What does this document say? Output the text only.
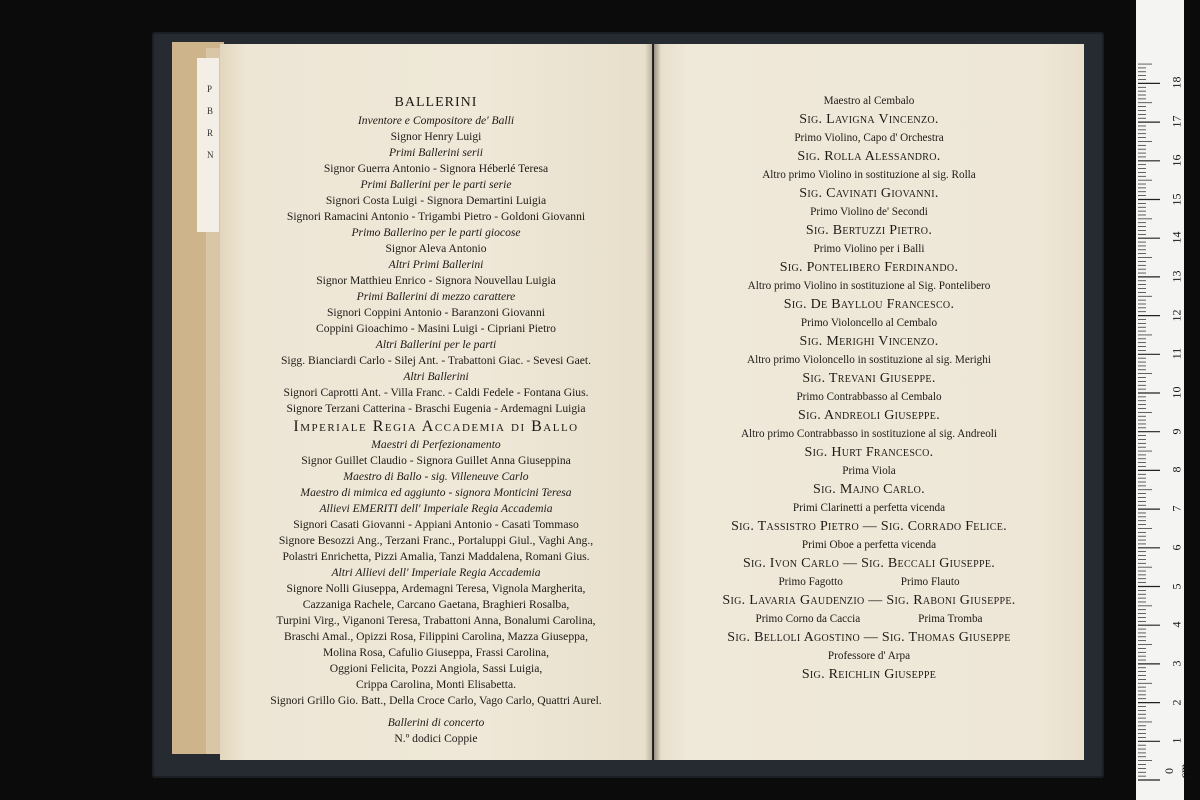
P
B
R
N
BALLERINI
Inventore e Compositore de' Balli
Signor Henry Luigi
Primi Ballerini serii
Signor Guerra Antonio - Signora Héberlé Teresa
Primi Ballerini per le parti serie
Signori Costa Luigi - Signora Demartini Luigia
Signori Ramacini Antonio - Trigambi Pietro - Goldoni Giovanni
Primo Ballerino per le parti giocose
Signor Aleva Antonio
Altri Primi Ballerini
Signor Matthieu Enrico - Signora Nouvellau Luigia
Primi Ballerini di mezzo carattere
Signori Coppini Antonio - Baranzoni Giovanni
Coppini Gioachimo - Masini Luigi - Cipriani Pietro
Altri Ballerini per le parti
Sigg. Bianciardi Carlo - Silej Ant. - Trabattoni Giac. - Sevesi Gaet.
Altri Ballerini
Signori Caprotti Ant. - Villa Franc. - Caldi Fedele - Fontana Gius.
Signore Terzani Catterina - Braschi Eugenia - Ardemagni Luigia
Imperiale Regia Accademia di Ballo
Maestri di Perfezionamento
Signor Guillet Claudio - Signora Guillet Anna Giuseppina
Maestro di Ballo - sig. Villeneuve Carlo
Maestro di mimica ed aggiunto - signora Monticini Teresa
Allievi EMERITI dell' Imperiale Regia Accademia
Signori Casati Giovanni - Appiani Antonio - Casati Tommaso
Signore Besozzi Ang., Terzani Franc., Portaluppi Giul., Vaghi Ang.,
Polastri Enrichetta, Pizzi Amalia, Tanzi Maddalena, Romani Gius.
Altri Allievi dell' Imperiale Regia Accademia
Signore Nolli Giuseppa, Ardemagni Teresa, Vignola Margherita,
Cazzaniga Rachele, Carcano Gaetana, Braghieri Rosalba,
Turpini Virg., Viganoni Teresa, Trabattoni Anna, Bonalumi Carolina,
Braschi Amal., Opizzi Rosa, Filippini Carolina, Mazza Giuseppa,
Molina Rosa, Cafulio Giuseppa, Frassi Carolina,
Oggioni Felicita, Pozzi Angiola, Sassi Luigia,
Crippa Carolina, Monti Elisabetta.
Signori Grillo Gio. Batt., Della Croce Carlo, Vago Carlo, Quattri Aurel.
Ballerini di concerto
N.º dodici Coppie
Maestro al Cembalo
Sig. Lavigna Vincenzo.
Primo Violino, Capo d' Orchestra
Sig. Rolla Alessandro.
Altro primo Violino in sostituzione al sig. Rolla
Sig. Cavinati Giovanni.
Primo Violino de' Secondi
Sig. Bertuzzi Pietro.
Primo Violino per i Balli
Sig. Pontelibero Ferdinando.
Altro primo Violino in sostituzione al Sig. Pontelibero
Sig. De Bayllou Francesco.
Primo Violoncello al Cembalo
Sig. Merighi Vincenzo.
Altro primo Violoncello in sostituzione al sig. Merighi
Sig. Trevani Giuseppe.
Primo Contrabbasso al Cembalo
Sig. Andreoli Giuseppe.
Altro primo Contrabbasso in sostituzione al sig. Andreoli
Sig. Hurt Francesco.
Prima Viola
Sig. Majno Carlo.
Primi Clarinetti a perfetta vicenda
Sig. Tassistro Pietro — Sig. Corrado Felice.
Primi Oboe a perfetta vicenda
Sig. Ivon Carlo — Sig. Beccali Giuseppe.
Primo Fagotto	Primo Flauto
Sig. Lavaria Gaudenzio — Sig. Raboni Giuseppe.
Primo Corno da Caccia	Prima Tromba
Sig. Belloli Agostino — Sig. Thomas Giuseppe
Professore d' Arpa
Sig. Reichlin Giuseppe
0 cm
1
2
3
4
5
6
7
8
9
10
11
12
13
14
15
16
17
18
